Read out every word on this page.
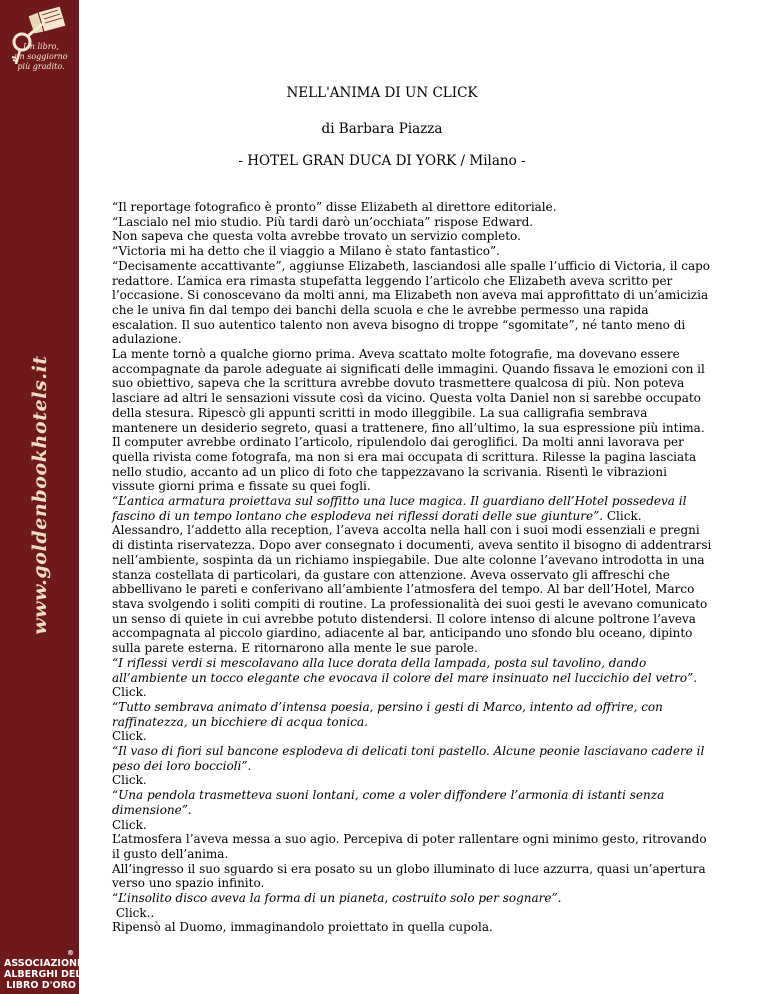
Un libro,
un soggiorno
più gradito.
www.goldenbookhotels.it
®
ASSOCIAZIONE
ALBERGHI DEL
LIBRO D'ORO
NELL'ANIMA DI UN CLICK
di Barbara Piazza
- HOTEL GRAN DUCA DI YORK / Milano -

“Il reportage fotografico è pronto” disse Elizabeth al direttore editoriale.

“Lascialo nel mio studio. Più tardi darò un’occhiata” rispose Edward.

Non sapeva che questa volta avrebbe trovato un servizio completo.

“Victoria mi ha detto che il viaggio a Milano è stato fantastico”.

“Decisamente accattivante”, aggiunse Elizabeth, lasciandosi alle spalle l’ufficio di Victoria, il capo redattore. L’amica era rimasta stupefatta leggendo l’articolo che Elizabeth aveva scritto per l’occasione. Si conoscevano da molti anni, ma Elizabeth non aveva mai approfittato di un’amicizia che le univa fin dal tempo dei banchi della scuola e che le avrebbe permesso una rapida escalation. Il suo autentico talento non aveva bisogno di troppe “sgomitate”, né tanto meno di adulazione.

La mente tornò a qualche giorno prima. Aveva scattato molte fotografie, ma dovevano essere accompagnate da parole adeguate ai significati delle immagini. Quando fissava le emozioni con il suo obiettivo, sapeva che la scrittura avrebbe dovuto trasmettere qualcosa di più. Non poteva lasciare ad altri le sensazioni vissute così da vicino. Questa volta Daniel non si sarebbe occupato della stesura. Ripescò gli appunti scritti in modo illeggibile. La sua calligrafia sembrava mantenere un desiderio segreto, quasi a trattenere, fino all’ultimo, la sua espressione più intima. Il computer avrebbe ordinato l’articolo, ripulendolo dai geroglifici. Da molti anni lavorava per quella rivista come fotografa, ma non si era mai occupata di scrittura. Rilesse la pagina lasciata nello studio, accanto ad un plico di foto che tappezzavano la scrivania. Risentì le vibrazioni vissute giorni prima e fissate su quei fogli.

“L’antica armatura proiettava sul soffitto una luce magica. Il guardiano dell’Hotel possedeva il fascino di un tempo lontano che esplodeva nei riflessi dorati delle sue giunture”. Click.

Alessandro, l’addetto alla reception, l’aveva accolta nella hall con i suoi modi essenziali e pregni di distinta riservatezza. Dopo aver consegnato i documenti, aveva sentito il bisogno di addentrarsi nell’ambiente, sospinta da un richiamo inspiegabile. Due alte colonne l’avevano introdotta in una stanza costellata di particolari, da gustare con attenzione. Aveva osservato gli affreschi che abbellivano le pareti e conferivano all’ambiente l’atmosfera del tempo. Al bar dell’Hotel, Marco stava svolgendo i soliti compiti di routine. La professionalità dei suoi gesti le avevano comunicato un senso di quiete in cui avrebbe potuto distendersi. Il colore intenso di alcune poltrone l’aveva accompagnata al piccolo giardino, adiacente al bar, anticipando uno sfondo blu oceano, dipinto sulla parete esterna. E ritornarono alla mente le sue parole.

“I riflessi verdi si mescolavano alla luce dorata della lampada, posta sul tavolino, dando all’ambiente un tocco elegante che evocava il colore del mare insinuato nel luccichio del vetro”. Click.

“Tutto sembrava animato d’intensa poesia, persino i gesti di Marco, intento ad offrire, con raffinatezza, un bicchiere di acqua tonica.

Click.

“Il vaso di fiori sul bancone esplodeva di delicati toni pastello. Alcune peonie lasciavano cadere il peso dei loro boccioli”.

Click.

“Una pendola trasmetteva suoni lontani, come a voler diffondere l’armonia di istanti senza dimensione”.

Click.

L’atmosfera l’aveva messa a suo agio. Percepiva di poter rallentare ogni minimo gesto, ritrovando il gusto dell’anima.

All’ingresso il suo sguardo si era posato su un globo illuminato di luce azzurra, quasi un’apertura verso uno spazio infinito.

“L’insolito disco aveva la forma di un pianeta, costruito solo per sognare”.

Click..

Ripensò al Duomo, immaginandolo proiettato in quella cupola.
